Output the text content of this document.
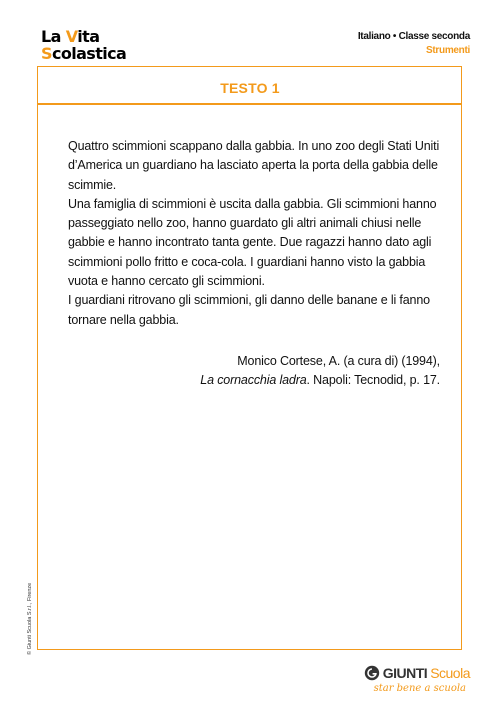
La Vita
Scolastica
Italiano • Classe seconda
Strumenti
TESTO 1

Quattro scimmioni scappano dalla gabbia. In uno zoo degli Stati Uniti d’America un guardiano ha lasciato aperta la porta della gabbia delle scimmie.

Una famiglia di scimmioni è uscita dalla gabbia. Gli scimmioni hanno passeggiato nello zoo, hanno guardato gli altri animali chiusi nelle gabbie e hanno incontrato tanta gente. Due ragazzi hanno dato agli scimmioni pollo fritto e coca-cola. I guardiani hanno visto la gabbia vuota e hanno cercato gli scimmioni.

I guardiani ritrovano gli scimmioni, gli danno delle banane e li fanno tornare nella gabbia.

Monico Cortese, A. (a cura di) (1994),
La cornacchia ladra. Napoli: Tecnodid, p. 17.
© Giunti Scuola S.r.l., Firenze
GIUNTI Scuola
star bene a scuola
